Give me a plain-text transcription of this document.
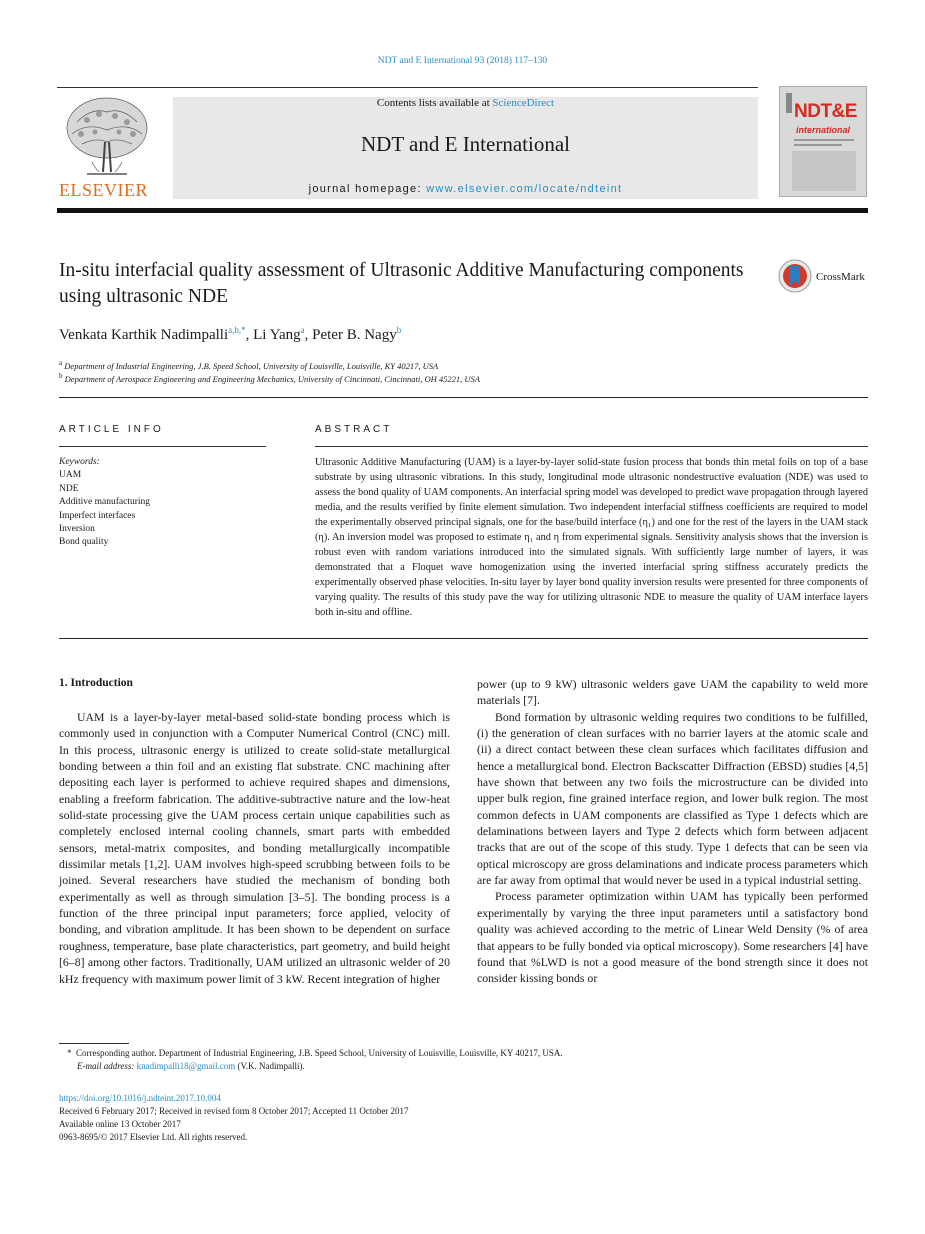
NDT and E International 93 (2018) 117–130
ELSEVIER
Contents lists available at ScienceDirect
NDT and E International
journal homepage: www.elsevier.com/locate/ndteint
NDT&E
international
In-situ interfacial quality assessment of Ultrasonic Additive Manufacturing components using ultrasonic NDE
CrossMark
Venkata Karthik Nadimpalli$^{a,b,*}$, Li Yang$^a$, Peter B. Nagy$^b$
$^a$ Department of Industrial Engineering, J.B. Speed School, University of Louisville, Louisville, KY 40217, USA
$^b$ Department of Aerospace Engineering and Engineering Mechanics, University of Cincinnati, Cincinnati, OH 45221, USA
ARTICLE INFO
Keywords:
UAM
NDE
Additive manufacturing
Imperfect interfaces
Inversion
Bond quality
ABSTRACT
Ultrasonic Additive Manufacturing (UAM) is a layer-by-layer solid-state fusion process that bonds thin metal foils on top of a base substrate by using ultrasonic vibrations. In this study, longitudinal mode ultrasonic nondestructive evaluation (NDE) was used to assess the bond quality of UAM components. An interfacial spring model was developed to predict wave propagation through layered media, and the results verified by finite element simulation. Two independent interfacial stiffness coefficients are required to model the experimentally observed principal signals, one for the base/build interface (η₁) and one for the rest of the layers in the UAM stack (η). An inversion model was proposed to estimate η₁ and η from experimental signals. Sensitivity analysis shows that the inversion is robust even with random variations introduced into the simulated signals. With sufficiently large number of layers, it was demonstrated that a Floquet wave homogenization using the inverted interfacial spring stiffness accurately predicts the experimentally observed phase velocities. In-situ layer by layer bond quality inversion results were presented for three components of varying quality. The results of this study pave the way for utilizing ultrasonic NDE to measure the quality of UAM interface layers both in-situ and offline.
1. Introduction

UAM is a layer-by-layer metal-based solid-state bonding process which is commonly used in conjunction with a Computer Numerical Control (CNC) mill. In this process, ultrasonic energy is utilized to create solid-state metallurgical bonding between a thin foil and an existing flat substrate. CNC machining after depositing each layer is performed to achieve required shapes and dimensions, enabling a freeform fabrication. The additive-subtractive nature and the low-heat solid-state processing give the UAM process certain unique capabilities such as completely enclosed internal cooling channels, smart parts with embedded sensors, metal-matrix composites, and bonding metallurgically incompatible dissimilar metals [1,2]. UAM involves high-speed scrubbing between foils to be joined. Several researchers have studied the mechanism of bonding both experimentally as well as through simulation [3–5]. The bonding process is a function of the three principal input parameters; force applied, velocity of bonding, and vibration amplitude. It has been shown to be dependent on surface roughness, temperature, base plate characteristics, part geometry, and build height [6–8] among other factors. Traditionally, UAM utilized an ultrasonic welder of 20 kHz frequency with maximum power limit of 3 kW. Recent integration of higher

power (up to 9 kW) ultrasonic welders gave UAM the capability to weld more materials [7].

Bond formation by ultrasonic welding requires two conditions to be fulfilled, (i) the generation of clean surfaces with no barrier layers at the atomic scale and (ii) a direct contact between these clean surfaces which facilitates diffusion and hence a metallurgical bond. Electron Backscatter Diffraction (EBSD) studies [4,5] have shown that between any two foils the microstructure can be divided into upper bulk region, fine grained interface region, and lower bulk region. The most common defects in UAM components are classified as Type 1 defects which are delaminations between layers and Type 2 defects which form between adjacent tracks that are out of the scope of this study. Type 1 defects that can be seen via optical microscopy are gross delaminations and indicate process parameters which are far away from optimal that would never be used in a typical industrial setting.

Process parameter optimization within UAM has typically been performed experimentally by varying the three input parameters until a satisfactory bond quality was achieved according to the metric of Linear Weld Density (% of area that appears to be fully bonded via optical microscopy). Some researchers [4] have found that %LWD is not a good measure of the bond strength since it does not consider kissing bonds or

* Corresponding author. Department of Industrial Engineering, J.B. Speed School, University of Louisville, Louisville, KY 40217, USA.
E-mail address: knadimpalli18@gmail.com (V.K. Nadimpalli).
https://doi.org/10.1016/j.ndteint.2017.10.004
Received 6 February 2017; Received in revised form 8 October 2017; Accepted 11 October 2017
Available online 13 October 2017
0963-8695/© 2017 Elsevier Ltd. All rights reserved.
